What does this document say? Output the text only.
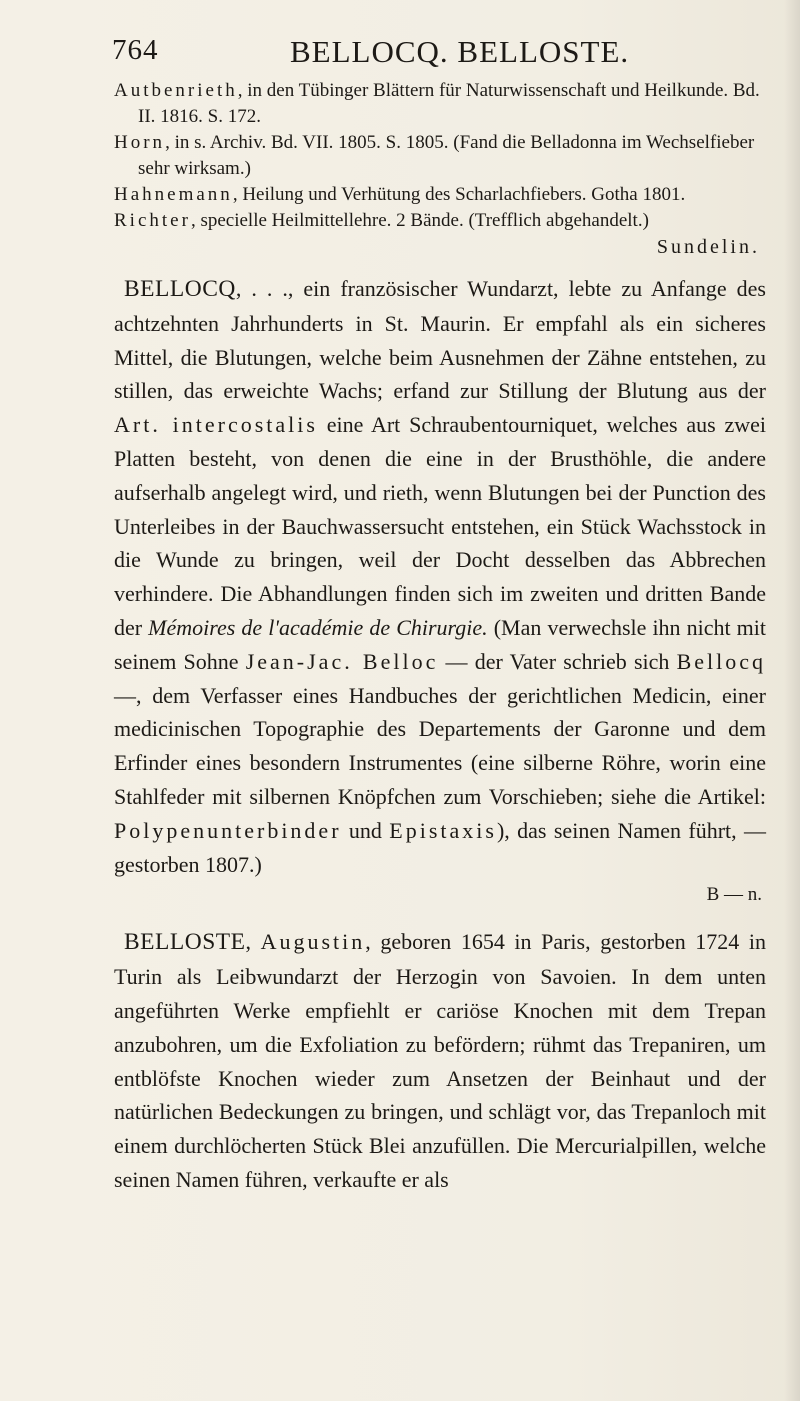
764	BELLOCQ. BELLOSTE.

Autbenrieth, in den Tübinger Blättern für Naturwissenschaft und Heilkunde. Bd. II. 1816. S. 172.

Horn, in s. Archiv. Bd. VII. 1805. S. 1805. (Fand die Belladonna im Wechselfieber sehr wirksam.)

Hahnemann, Heilung und Verhütung des Scharlachfiebers. Gotha 1801.

Richter, specielle Heilmittellehre. 2 Bände. (Trefflich abgehandelt.)

Sundelin.

BELLOCQ, . . ., ein französischer Wundarzt, lebte zu Anfange des achtzehnten Jahrhunderts in St. Maurin. Er empfahl als ein sicheres Mittel, die Blutungen, welche beim Ausnehmen der Zähne entstehen, zu stillen, das erweichte Wachs; erfand zur Stillung der Blutung aus der Art. intercostalis eine Art Schraubentourniquet, welches aus zwei Platten besteht, von denen die eine in der Brusthöhle, die andere aufserhalb angelegt wird, und rieth, wenn Blutungen bei der Punction des Unterleibes in der Bauchwassersucht entstehen, ein Stück Wachsstock in die Wunde zu bringen, weil der Docht desselben das Abbrechen verhindere. Die Abhandlungen finden sich im zweiten und dritten Bande der Mémoires de l'académie de Chirurgie. (Man verwechsle ihn nicht mit seinem Sohne Jean-Jac. Belloc — der Vater schrieb sich Bellocq —, dem Verfasser eines Handbuches der gerichtlichen Medicin, einer medicinischen Topographie des Departements der Garonne und dem Erfinder eines besondern Instrumentes (eine silberne Röhre, worin eine Stahlfeder mit silbernen Knöpfchen zum Vorschieben; siehe die Artikel: Polypenunterbinder und Epistaxis), das seinen Namen führt, — gestorben 1807.)

B — n.

BELLOSTE, Augustin, geboren 1654 in Paris, gestorben 1724 in Turin als Leibwundarzt der Herzogin von Savoien. In dem unten angeführten Werke empfiehlt er cariöse Knochen mit dem Trepan anzubohren, um die Exfoliation zu befördern; rühmt das Trepaniren, um entblöfste Knochen wieder zum Ansetzen der Beinhaut und der natürlichen Bedeckungen zu bringen, und schlägt vor, das Trepanloch mit einem durchlöcherten Stück Blei anzufüllen. Die Mercurialpillen, welche seinen Namen führen, verkaufte er als
